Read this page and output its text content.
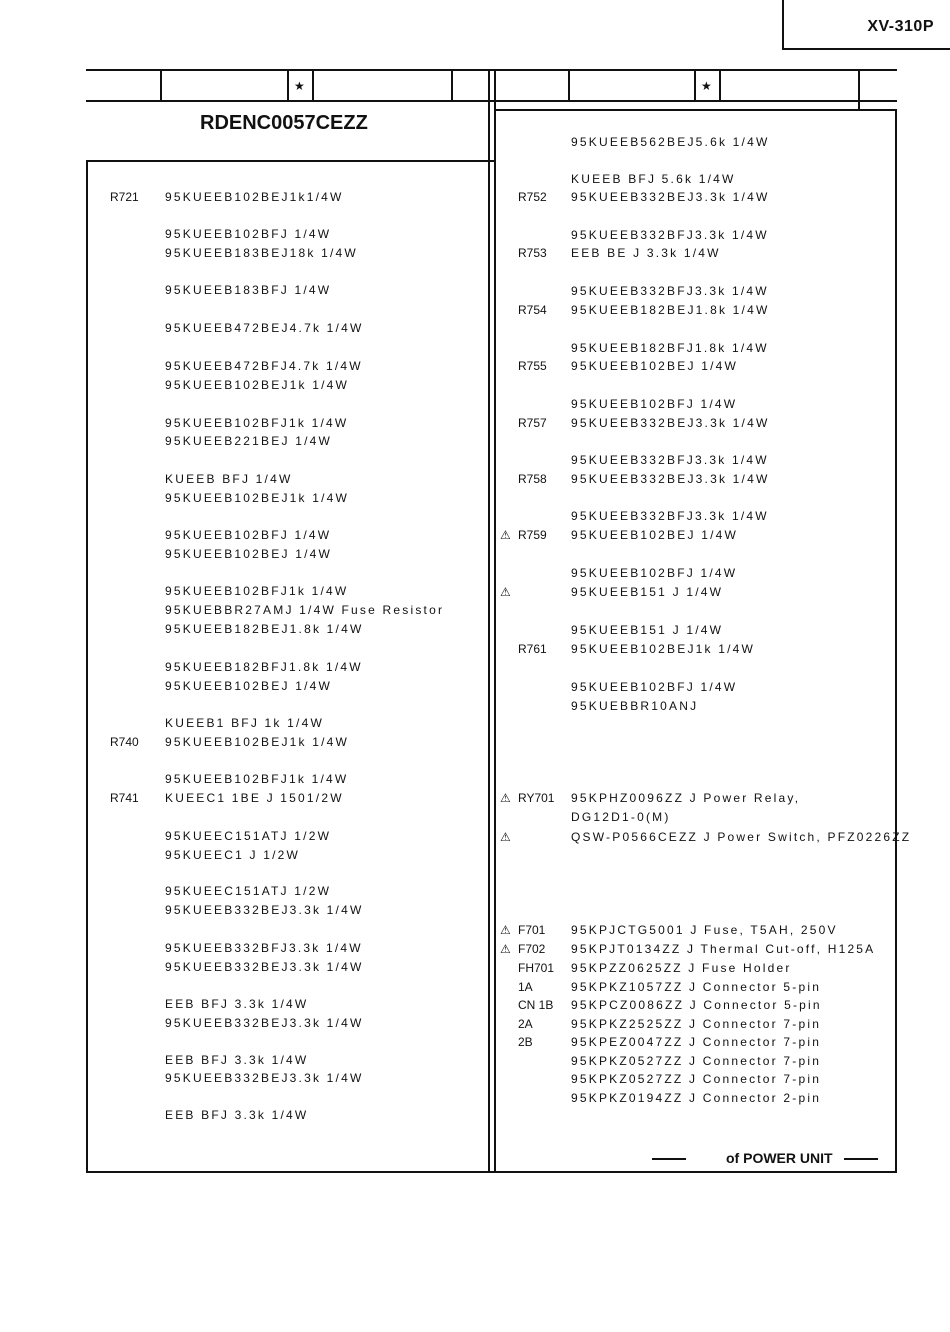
XV-310P
★	★
RDENC0057CEZZ
R721 95KUEEB102BEJ1k1/4W
95KUEEB102BFJ 1/4W
95KUEEB183BEJ18k 1/4W
95KUEEB183BFJ 1/4W
95KUEEB472BEJ4.7k 1/4W
95KUEEB472BFJ4.7k 1/4W
95KUEEB102BEJ1k 1/4W
95KUEEB102BFJ1k 1/4W
95KUEEB221BEJ 1/4W
KUEEB BFJ 1/4W
95KUEEB102BEJ1k 1/4W
95KUEEB102BFJ 1/4W
95KUEEB102BEJ 1/4W
95KUEEB102BFJ1k 1/4W
95KUEBBR27AMJ 1/4W Fuse Resistor
95KUEEB182BEJ1.8k 1/4W
95KUEEB182BFJ1.8k 1/4W
95KUEEB102BEJ 1/4W
KUEEB1 BFJ 1k 1/4W
R740 95KUEEB102BEJ1k 1/4W
95KUEEB102BFJ1k 1/4W
R741 KUEEC1 1BE J 1501/2W
95KUEEC151ATJ 1/2W
95KUEEC1 J 1/2W
95KUEEC151ATJ 1/2W
95KUEEB332BEJ3.3k 1/4W
95KUEEB332BFJ3.3k 1/4W
95KUEEB332BEJ3.3k 1/4W
EEB BFJ 3.3k 1/4W
95KUEEB332BEJ3.3k 1/4W
EEB BFJ 3.3k 1/4W
95KUEEB332BEJ3.3k 1/4W
EEB BFJ 3.3k 1/4W
95KUEEB562BEJ5.6k 1/4W
KUEEB BFJ 5.6k 1/4W
R752 95KUEEB332BEJ3.3k 1/4W
95KUEEB332BFJ3.3k 1/4W
R753 EEB BE J 3.3k 1/4W
95KUEEB332BFJ3.3k 1/4W
R754 95KUEEB182BEJ1.8k 1/4W
95KUEEB182BFJ1.8k 1/4W
R755 95KUEEB102BEJ 1/4W
95KUEEB102BFJ 1/4W
R757 95KUEEB332BEJ3.3k 1/4W
95KUEEB332BFJ3.3k 1/4W
R758 95KUEEB332BEJ3.3k 1/4W
95KUEEB332BFJ3.3k 1/4W
⚠ R759 95KUEEB102BEJ 1/4W
95KUEEB102BFJ 1/4W
⚠	95KUEEB151 J 1/4W
95KUEEB151 J 1/4W
R761 95KUEEB102BEJ1k 1/4W
95KUEEB102BFJ 1/4W
95KUEBBR10ANJ
⚠ RY701 95KPHZ0096ZZ J Power Relay,
DG12D1-0(M)
⚠	QSW-P0566CEZZ J Power Switch, PFZ0226ZZ
⚠ F701 95KPJCTG5001 J Fuse, T5AH, 250V
⚠ F702 95KPJT0134ZZ J Thermal Cut-off, H125A
FH701 95KPZZ0625ZZ J Fuse Holder
1A	95KPKZ1057ZZ J Connector 5-pin
CN 1B 95KPCZ0086ZZ J Connector 5-pin
2A	95KPKZ2525ZZ J Connector 7-pin
2B	95KPEZ0047ZZ J Connector 7-pin
95KPKZ0527ZZ J Connector 7-pin
95KPKZ0527ZZ J Connector 7-pin
95KPKZ0194ZZ J Connector 2-pin
of POWER UNIT
